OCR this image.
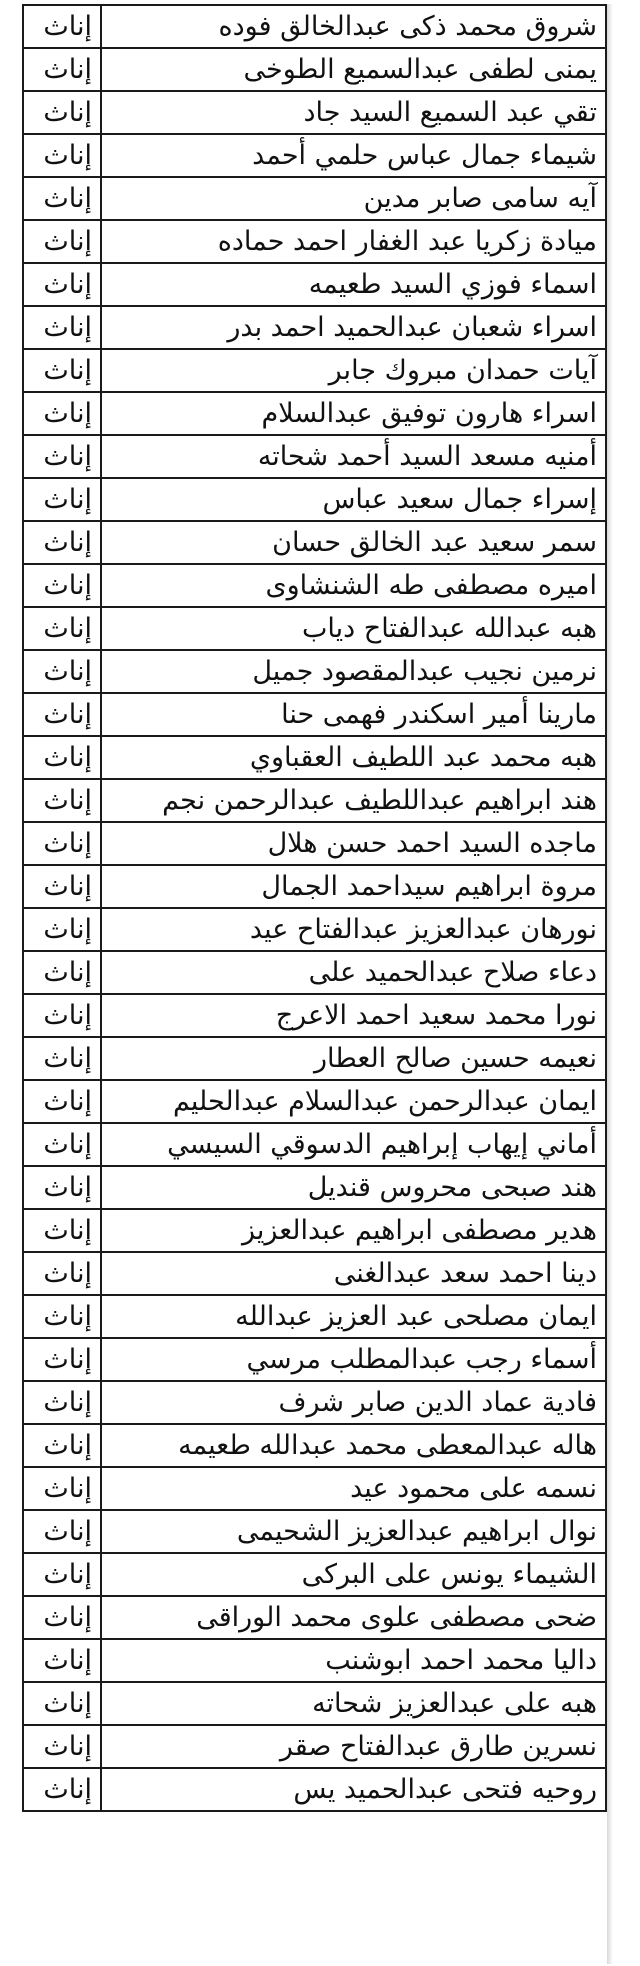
إناث	شروق محمد ذكى عبدالخالق فوده
إناث	يمنى لطفى عبدالسميع الطوخى
إناث	تقي عبد السميع السيد جاد
إناث	شيماء جمال عباس حلمي أحمد
إناث	آيه سامى صابر مدين
إناث	ميادة زكريا عبد الغفار احمد حماده
إناث	اسماء فوزي السيد طعيمه
إناث	اسراء شعبان عبدالحميد احمد بدر
إناث	آيات حمدان مبروك جابر
إناث	اسراء هارون توفيق عبدالسلام
إناث	أمنيه مسعد السيد أحمد شحاته
إناث	إسراء جمال سعيد عباس
إناث	سمر سعيد عبد الخالق حسان
إناث	اميره مصطفى طه الشنشاوى
إناث	هبه عبدالله عبدالفتاح دياب
إناث	نرمين نجيب عبدالمقصود جميل
إناث	مارينا أمير اسكندر فهمى حنا
إناث	هبه محمد عبد اللطيف العقباوي
إناث	هند ابراهيم عبداللطيف عبدالرحمن نجم
إناث	ماجده السيد احمد حسن هلال
إناث	مروة ابراهيم سيداحمد الجمال
إناث	نورهان عبدالعزيز عبدالفتاح عيد
إناث	دعاء صلاح عبدالحميد على
إناث	نورا محمد سعيد احمد الاعرج
إناث	نعيمه حسين صالح العطار
إناث	ايمان عبدالرحمن عبدالسلام عبدالحليم
إناث	أماني إيهاب إبراهيم الدسوقي السيسي
إناث	هند صبحى محروس قنديل
إناث	هدير مصطفى ابراهيم عبدالعزيز
إناث	دينا احمد سعد عبدالغنى
إناث	ايمان مصلحى عبد العزيز عبدالله
إناث	أسماء رجب عبدالمطلب مرسي
إناث	فادية عماد الدين صابر شرف
إناث	هاله عبدالمعطى محمد عبدالله طعيمه
إناث	نسمه على محمود عيد
إناث	نوال ابراهيم عبدالعزيز الشحيمى
إناث	الشيماء يونس على البركى
إناث	ضحى مصطفى علوى محمد الوراقى
إناث	داليا محمد احمد ابوشنب
إناث	هبه على عبدالعزيز شحاته
إناث	نسرين طارق عبدالفتاح صقر
إناث	روحيه فتحى عبدالحميد يس
